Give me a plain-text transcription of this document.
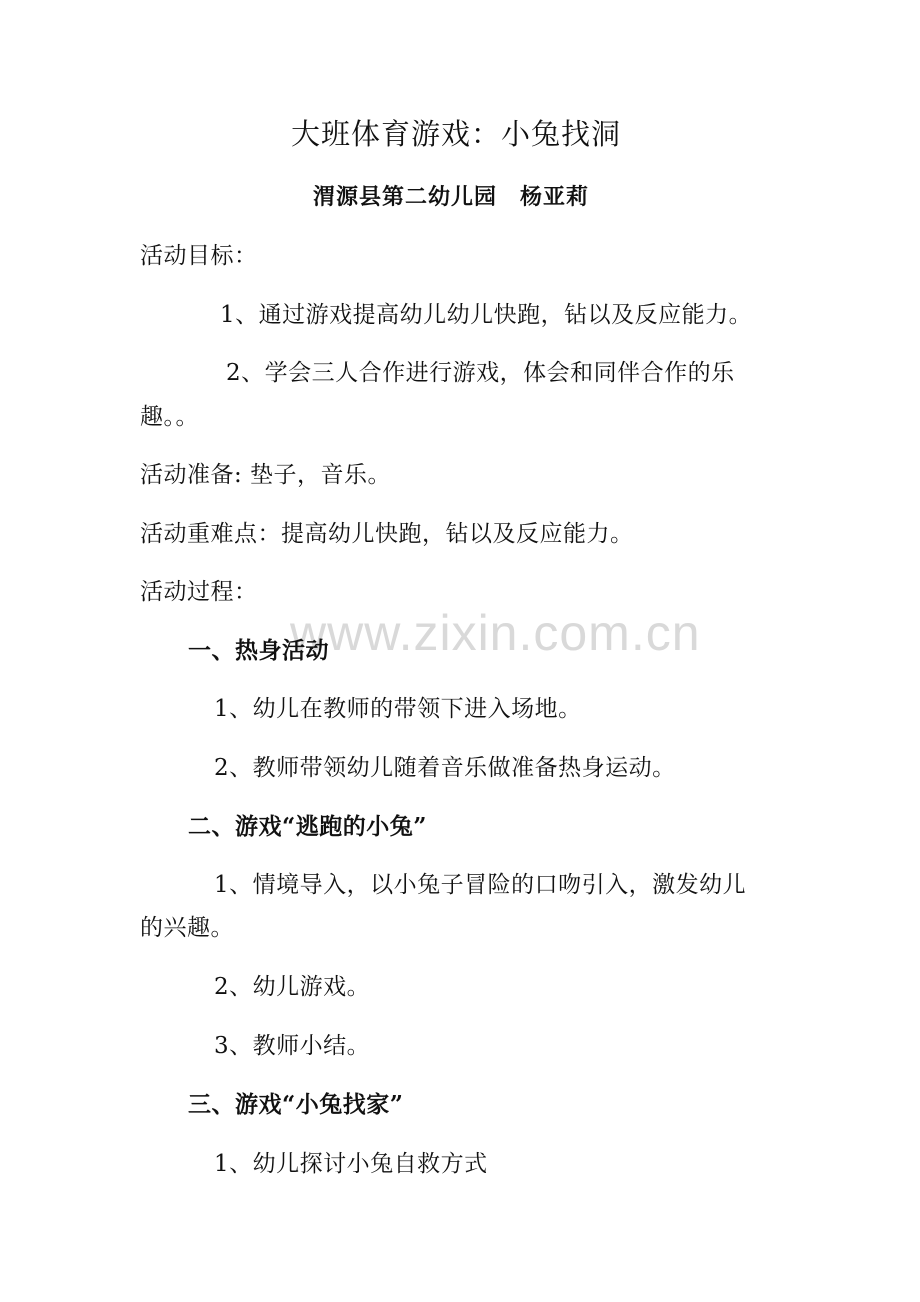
www.zixin.com.cn
大班体育游戏：小兔找洞
渭源县第二幼儿园　杨亚莉
活动目标：
1、通过游戏提高幼儿幼儿快跑，钻以及反应能力。
2、学会三人合作进行游戏，体会和同伴合作的乐
趣。。
活动准备: 垫子，音乐。
活动重难点：提高幼儿快跑，钻以及反应能力。
活动过程：
一、热身活动
1、幼儿在教师的带领下进入场地。
2、教师带领幼儿随着音乐做准备热身运动。
二、游戏“逃跑的小兔”
1、情境导入，以小兔子冒险的口吻引入，激发幼儿
的兴趣。
2、幼儿游戏。
3、教师小结。
三、游戏“小兔找家”
1、幼儿探讨小兔自救方式
